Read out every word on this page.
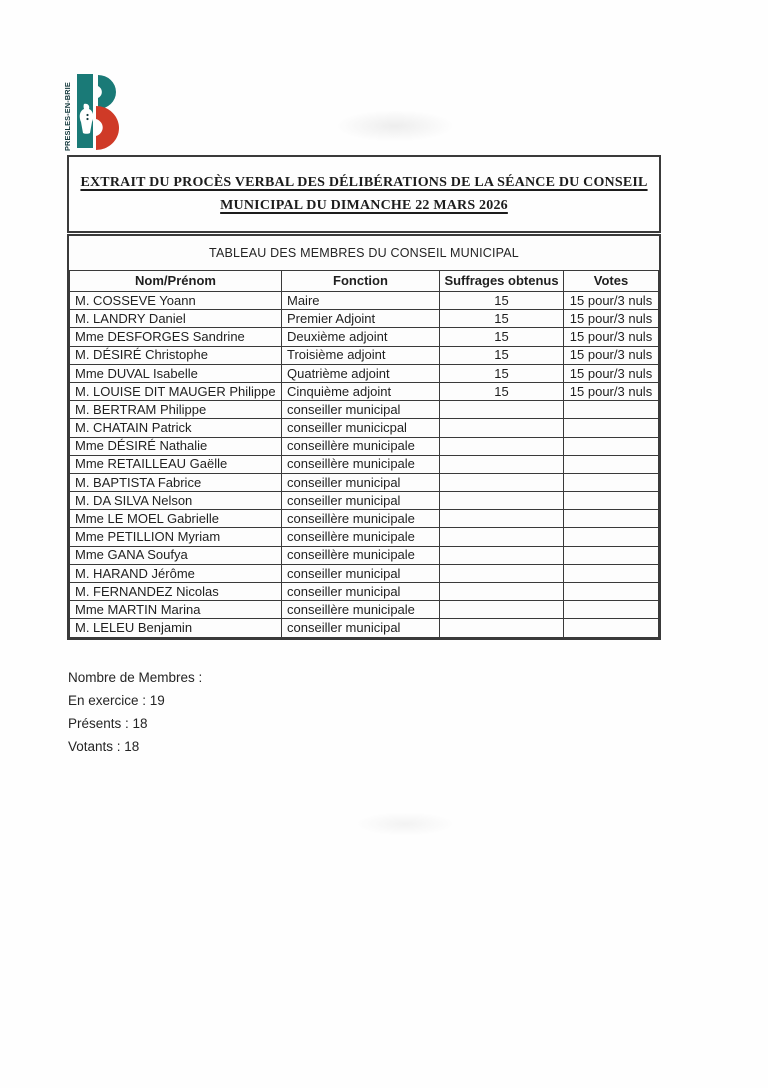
PRESLES-EN-BRIE
EXTRAIT DU PROCÈS VERBAL DES DÉLIBÉRATIONS DE LA SÉANCE DU CONSEIL
MUNICIPAL DU DIMANCHE 22 MARS 2026
TABLEAU DES MEMBRES DU CONSEIL MUNICIPAL
Nom/Prénom	Fonction	Suffrages obtenus	Votes
M. COSSEVE Yoann	Maire	15	15 pour/3 nuls
M. LANDRY Daniel	Premier Adjoint	15	15 pour/3 nuls
Mme DESFORGES Sandrine	Deuxième adjoint	15	15 pour/3 nuls
M. DÉSIRÉ Christophe	Troisième adjoint	15	15 pour/3 nuls
Mme DUVAL Isabelle	Quatrième adjoint	15	15 pour/3 nuls
M. LOUISE DIT MAUGER Philippe	Cinquième adjoint	15	15 pour/3 nuls
M. BERTRAM Philippe	conseiller municipal		
M. CHATAIN Patrick	conseiller municicpal		
Mme DÉSIRÉ Nathalie	conseillère municipale		
Mme RETAILLEAU Gaëlle	conseillère municipale		
M. BAPTISTA Fabrice	conseiller municipal		
M. DA SILVA Nelson	conseiller municipal		
Mme LE MOEL Gabrielle	conseillère municipale		
Mme PETILLION Myriam	conseillère municipale		
Mme GANA Soufya	conseillère municipale		
M. HARAND Jérôme	conseiller municipal		
M. FERNANDEZ Nicolas	conseiller municipal		
Mme MARTIN Marina	conseillère municipale		
M. LELEU Benjamin	conseiller municipal		
Nombre de Membres :
En exercice : 19
Présents : 18
Votants : 18
